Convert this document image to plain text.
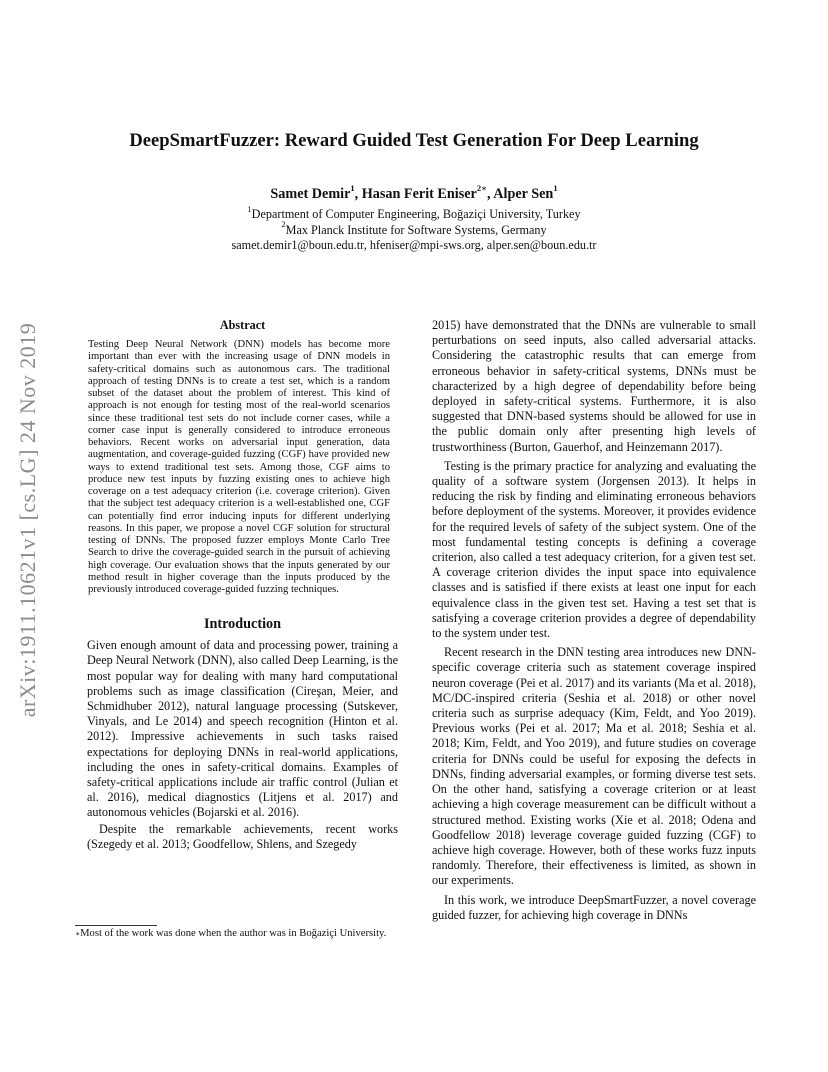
arXiv:1911.10621v1 [cs.LG] 24 Nov 2019
DeepSmartFuzzer: Reward Guided Test Generation For Deep Learning
Samet Demir$^1$, Hasan Ferit Eniser$^{2∗}$, Alper Sen$^1$
$^1$Department of Computer Engineering, Boğaziçi University, Turkey
$^2$Max Planck Institute for Software Systems, Germany
samet.demir1@boun.edu.tr, hfeniser@mpi-sws.org, alper.sen@boun.edu.tr
Abstract

Testing Deep Neural Network (DNN) models has become more important than ever with the increasing usage of DNN models in safety-critical domains such as autonomous cars. The traditional approach of testing DNNs is to create a test set, which is a random subset of the dataset about the problem of interest. This kind of approach is not enough for testing most of the real-world scenarios since these traditional test sets do not include corner cases, while a corner case input is generally considered to introduce erroneous behaviors. Recent works on adversarial input generation, data augmentation, and coverage-guided fuzzing (CGF) have provided new ways to extend traditional test sets. Among those, CGF aims to produce new test inputs by fuzzing existing ones to achieve high coverage on a test adequacy criterion (i.e. coverage criterion). Given that the subject test adequacy criterion is a well-established one, CGF can potentially find error inducing inputs for different underlying reasons. In this paper, we propose a novel CGF solution for structural testing of DNNs. The proposed fuzzer employs Monte Carlo Tree Search to drive the coverage-guided search in the pursuit of achieving high coverage. Our evaluation shows that the inputs generated by our method result in higher coverage than the inputs produced by the previously introduced coverage-guided fuzzing techniques.

Introduction

Given enough amount of data and processing power, training a Deep Neural Network (DNN), also called Deep Learning, is the most popular way for dealing with many hard computational problems such as image classification (Cireşan, Meier, and Schmidhuber 2012), natural language processing (Sutskever, Vinyals, and Le 2014) and speech recognition (Hinton et al. 2012). Impressive achievements in such tasks raised expectations for deploying DNNs in real-world applications, including the ones in safety-critical domains. Examples of safety-critical applications include air traffic control (Julian et al. 2016), medical diagnostics (Litjens et al. 2017) and autonomous vehicles (Bojarski et al. 2016).

Despite the remarkable achievements, recent works (Szegedy et al. 2013; Goodfellow, Shlens, and Szegedy

∗Most of the work was done when the author was in Boğaziçi University.

2015) have demonstrated that the DNNs are vulnerable to small perturbations on seed inputs, also called adversarial attacks. Considering the catastrophic results that can emerge from erroneous behavior in safety-critical systems, DNNs must be characterized by a high degree of dependability before being deployed in safety-critical systems. Furthermore, it is also suggested that DNN-based systems should be allowed for use in the public domain only after presenting high levels of trustworthiness (Burton, Gauerhof, and Heinzemann 2017).

Testing is the primary practice for analyzing and evaluating the quality of a software system (Jorgensen 2013). It helps in reducing the risk by finding and eliminating erroneous behaviors before deployment of the systems. Moreover, it provides evidence for the required levels of safety of the subject system. One of the most fundamental testing concepts is defining a coverage criterion, also called a test adequacy criterion, for a given test set. A coverage criterion divides the input space into equivalence classes and is satisfied if there exists at least one input for each equivalence class in the given test set. Having a test set that is satisfying a coverage criterion provides a degree of dependability to the system under test.

Recent research in the DNN testing area introduces new DNN-specific coverage criteria such as statement coverage inspired neuron coverage (Pei et al. 2017) and its variants (Ma et al. 2018), MC/DC-inspired criteria (Seshia et al. 2018) or other novel criteria such as surprise adequacy (Kim, Feldt, and Yoo 2019). Previous works (Pei et al. 2017; Ma et al. 2018; Seshia et al. 2018; Kim, Feldt, and Yoo 2019), and future studies on coverage criteria for DNNs could be useful for exposing the defects in DNNs, finding adversarial examples, or forming diverse test sets. On the other hand, satisfying a coverage criterion or at least achieving a high coverage measurement can be difficult without a structured method. Existing works (Xie et al. 2018; Odena and Goodfellow 2018) leverage coverage guided fuzzing (CGF) to achieve high coverage. However, both of these works fuzz inputs randomly. Therefore, their effectiveness is limited, as shown in our experiments.

In this work, we introduce DeepSmartFuzzer, a novel coverage guided fuzzer, for achieving high coverage in DNNs
